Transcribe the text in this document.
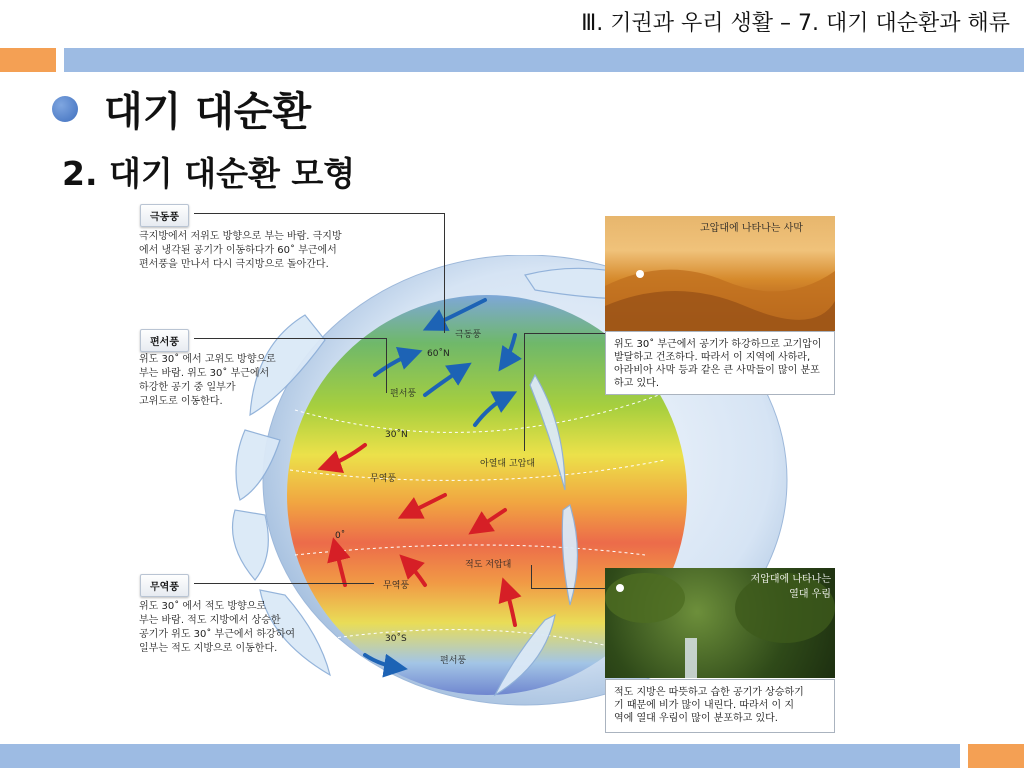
Ⅲ. 기권과 우리 생활 – 7. 대기 대순환과 해류
대기 대순환
2. 대기 대순환 모형
극동풍
60˚N
편서풍
30˚N
무역풍
아열대 고압대
0˚
적도 저압대
무역풍
30˚S
편서풍
극동풍
극지방에서 저위도 방향으로 부는 바람. 극지방
에서 냉각된 공기가 이동하다가 60˚ 부근에서
편서풍을 만나서 다시 극지방으로 돌아간다.
편서풍
위도 30˚ 에서 고위도 방향으로
부는 바람. 위도 30˚ 부근에서
하강한 공기 중 일부가
고위도로 이동한다.
무역풍
위도 30˚ 에서 적도 방향으로
부는 바람. 적도 지방에서 상승한
공기가 위도 30˚ 부근에서 하강하여
일부는 적도 지방으로 이동한다.
고압대에 나타나는 사막
위도 30˚ 부근에서 공기가 하강하므로 고기압이
발달하고 건조하다. 따라서 이 지역에 사하라,
아라비아 사막 등과 같은 큰 사막들이 많이 분포
하고 있다.
저압대에 나타나는
열대 우림
적도 지방은 따뜻하고 습한 공기가 상승하기
기 때문에 비가 많이 내린다. 따라서 이 지
역에 열대 우림이 많이 분포하고 있다.
